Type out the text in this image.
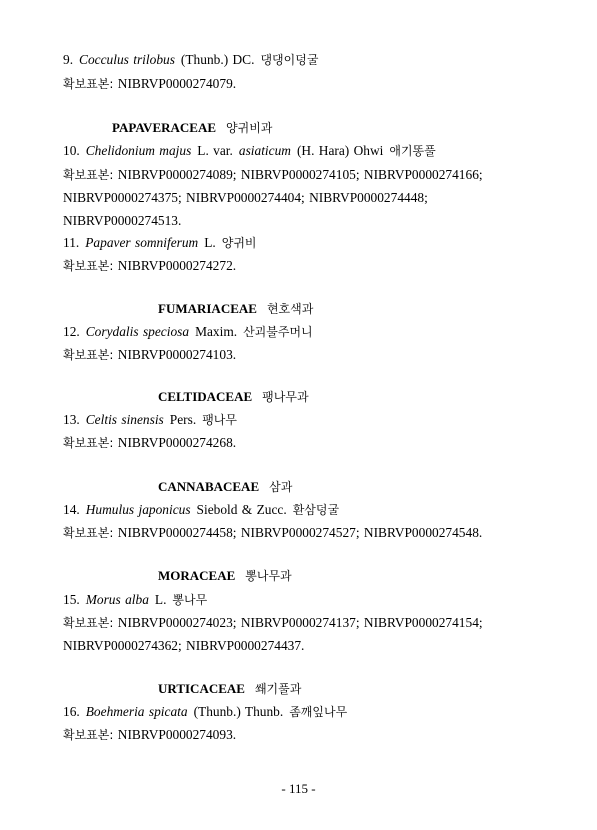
9. Cocculus trilobus (Thunb.) DC. 댕댕이덩굴
확보표본: NIBRVP0000274079.
PAPAVERACEAE 양귀비과
10. Chelidonium majus L. var. asiaticum (H. Hara) Ohwi 애기똥풀
확보표본: NIBRVP0000274089; NIBRVP0000274105; NIBRVP0000274166;
NIBRVP0000274375; NIBRVP0000274404; NIBRVP0000274448;
NIBRVP0000274513.
11. Papaver somniferum L. 양귀비
확보표본: NIBRVP0000274272.
FUMARIACEAE 현호색과
12. Corydalis speciosa Maxim. 산괴불주머니
확보표본: NIBRVP0000274103.
CELTIDACEAE 팽나무과
13. Celtis sinensis Pers. 팽나무
확보표본: NIBRVP0000274268.
CANNABACEAE 삼과
14. Humulus japonicus Siebold & Zucc. 환삼덩굴
확보표본: NIBRVP0000274458; NIBRVP0000274527; NIBRVP0000274548.
MORACEAE 뽕나무과
15. Morus alba L. 뽕나무
확보표본: NIBRVP0000274023; NIBRVP0000274137; NIBRVP0000274154;
NIBRVP0000274362; NIBRVP0000274437.
URTICACEAE 쐐기풀과
16. Boehmeria spicata (Thunb.) Thunb. 좀깨잎나무
확보표본: NIBRVP0000274093.
- 115 -
